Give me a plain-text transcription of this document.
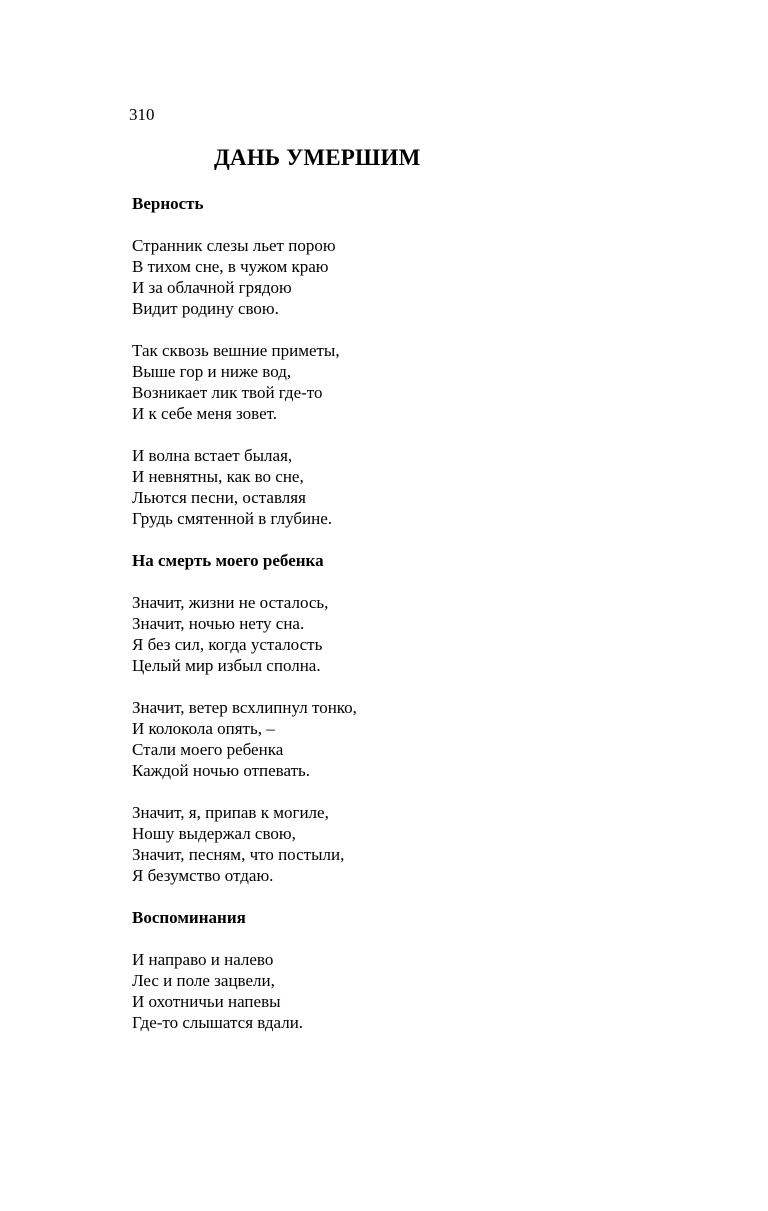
310
ДАНЬ УМЕРШИМ
Верность
Странник слезы льет порою
В тихом сне, в чужом краю
И за облачной грядою
Видит родину свою.
Так сквозь вешние приметы,
Выше гор и ниже вод,
Возникает лик твой где-то
И к себе меня зовет.
И волна встает былая,
И невнятны, как во сне,
Льются песни, оставляя
Грудь смятенной в глубине.
На смерть моего ребенка
Значит, жизни не осталось,
Значит, ночью нету сна.
Я без сил, когда усталость
Целый мир избыл сполна.
Значит, ветер всхлипнул тонко,
И колокола опять, –
Стали моего ребенка
Каждой ночью отпевать.
Значит, я, припав к могиле,
Ношу выдержал свою,
Значит, песням, что постыли,
Я безумство отдаю.
Воспоминания
И направо и налево
Лес и поле зацвели,
И охотничьи напевы
Где-то слышатся вдали.
